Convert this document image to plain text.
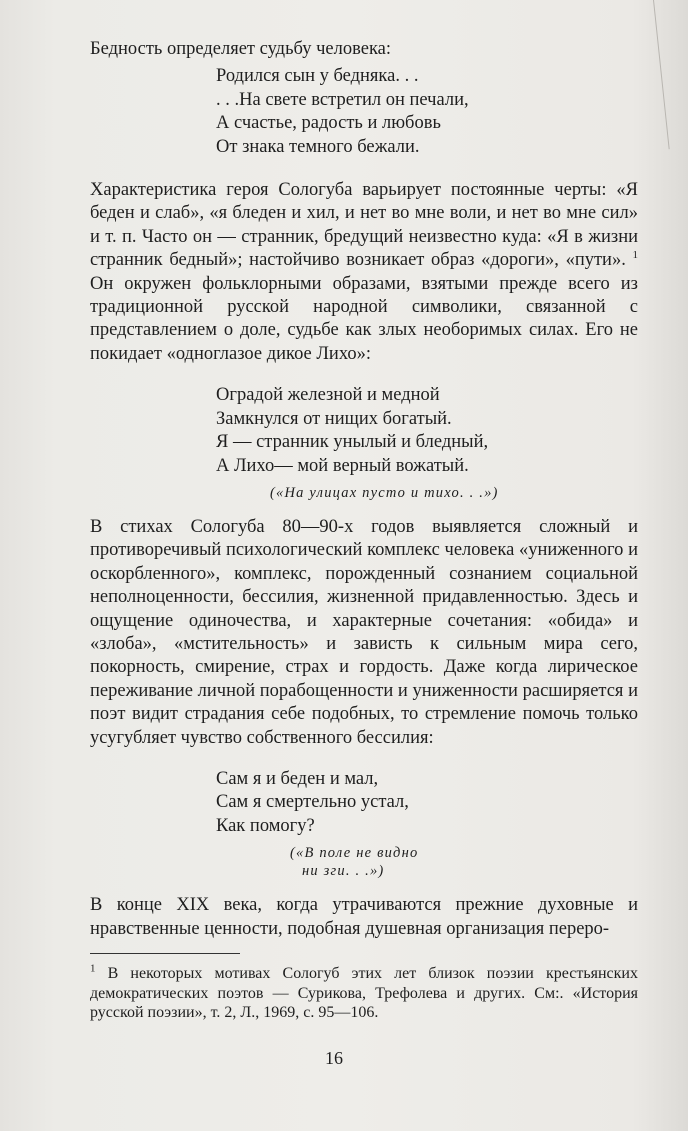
Бедность определяет судьбу человека:

Родился сын у бедняка. . .
. . .На свете встретил он печали,
А счастье, радость и любовь
От знака темного бежали.

Характеристика героя Сологуба варьирует постоянные черты: «Я беден и слаб», «я бледен и хил, и нет во мне воли, и нет во мне сил» и т. п. Часто он — странник, бредущий неизвестно куда: «Я в жизни странник бедный»; настойчиво возникает образ «дороги», «пути». $^1$ Он окружен фольклорными образами, взятыми прежде всего из традиционной русской народной символики, связанной с представлением о доле, судьбе как злых необоримых силах. Его не покидает «одноглазое дикое Лихо»:

Оградой железной и медной
Замкнулся от нищих богатый.
Я — странник унылый и бледный,
А Лихо— мой верный вожатый.
(«На улицах пусто и тихо. . .»)

В стихах Сологуба 80—90-х годов выявляется сложный и противоречивый психологический комплекс человека «униженного и оскорбленного», комплекс, порожденный сознанием социальной неполноценности, бессилия, жизненной придавленностью. Здесь и ощущение одиночества, и характерные сочетания: «обида» и «злоба», «мстительность» и зависть к сильным мира сего, покорность, смирение, страх и гордость. Даже когда лирическое переживание личной порабощенности и униженности расширяется и поэт видит страдания себе подобных, то стремление помочь только усугубляет чувство собственного бессилия:

Сам я и беден и мал,
Сам я смертельно устал,
Как помогу?
(«В поле не видно
ни зги. . .»)

В конце XIX века, когда утрачиваются прежние духовные и нравственные ценности, подобная душевная организация переро-

$^1$ В некоторых мотивах Сологуб этих лет близок поэзии крестьянских демократических поэтов — Сурикова, Трефолева и других. См:. «История русской поэзии», т. 2, Л., 1969, с. 95—106.

16
